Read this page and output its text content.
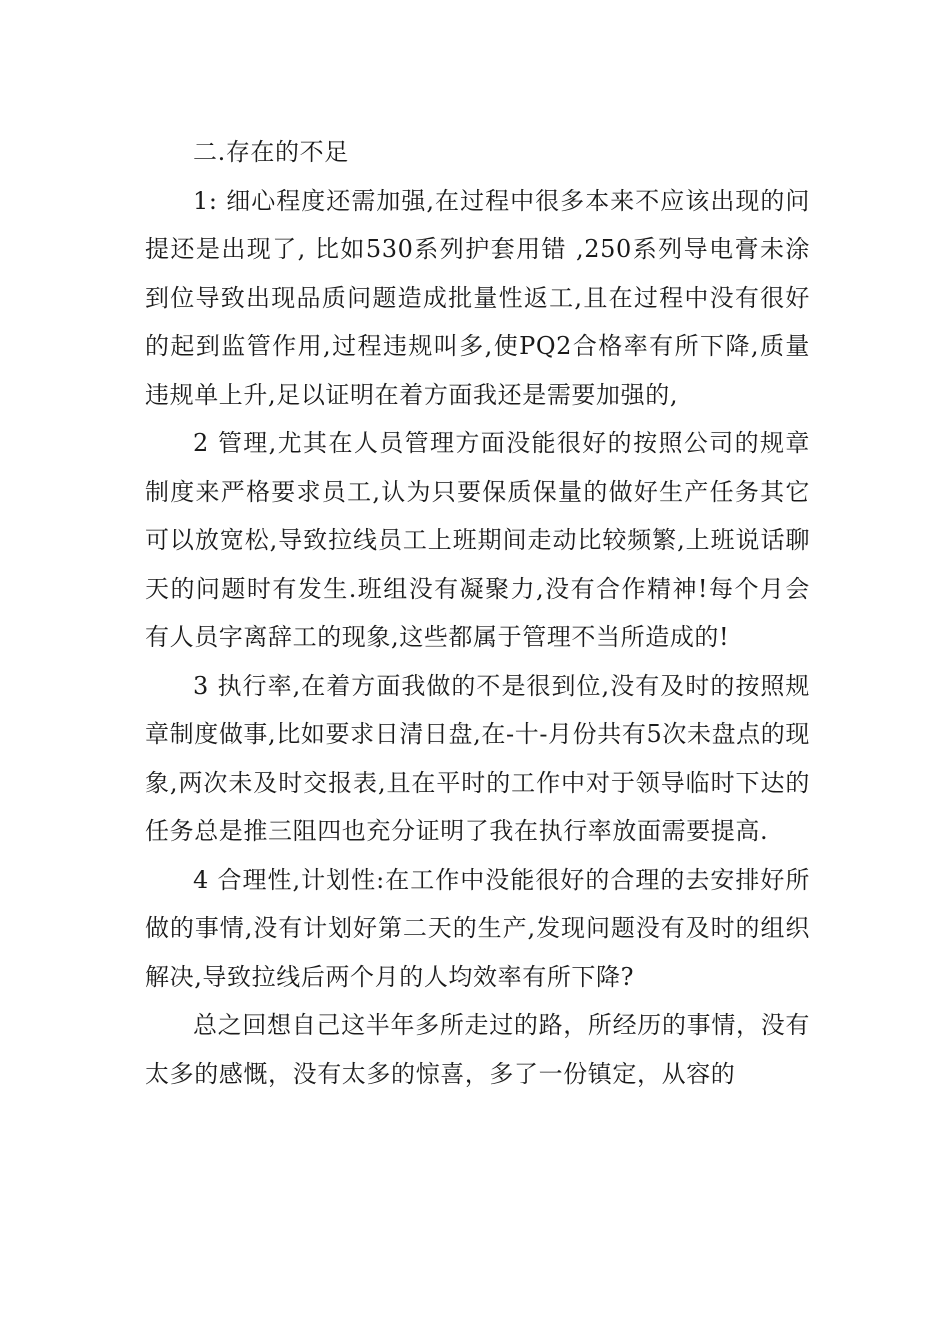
二.存在的不足

1: 细心程度还需加强,在过程中很多本来不应该出现的问提还是出现了, 比如530系列护套用错 ,250系列导电膏未涂到位导致出现品质问题造成批量性返工,且在过程中没有很好的起到监管作用,过程违规叫多,使PQ2合格率有所下降,质量违规单上升,足以证明在着方面我还是需要加强的,

2 管理,尤其在人员管理方面没能很好的按照公司的规章制度来严格要求员工,认为只要保质保量的做好生产任务其它可以放宽松,导致拉线员工上班期间走动比较频繁,上班说话聊天的问题时有发生.班组没有凝聚力,没有合作精神!每个月会有人员字离辞工的现象,这些都属于管理不当所造成的!

3 执行率,在着方面我做的不是很到位,没有及时的按照规章制度做事,比如要求日清日盘,在-十-月份共有5次未盘点的现象,两次未及时交报表,且在平时的工作中对于领导临时下达的任务总是推三阻四也充分证明了我在执行率放面需要提高.

4 合理性,计划性:在工作中没能很好的合理的去安排好所做的事情,没有计划好第二天的生产,发现问题没有及时的组织解决,导致拉线后两个月的人均效率有所下降?

总之回想自己这半年多所走过的路，所经历的事情，没有太多的感慨，没有太多的惊喜，多了一份镇定，从容的
